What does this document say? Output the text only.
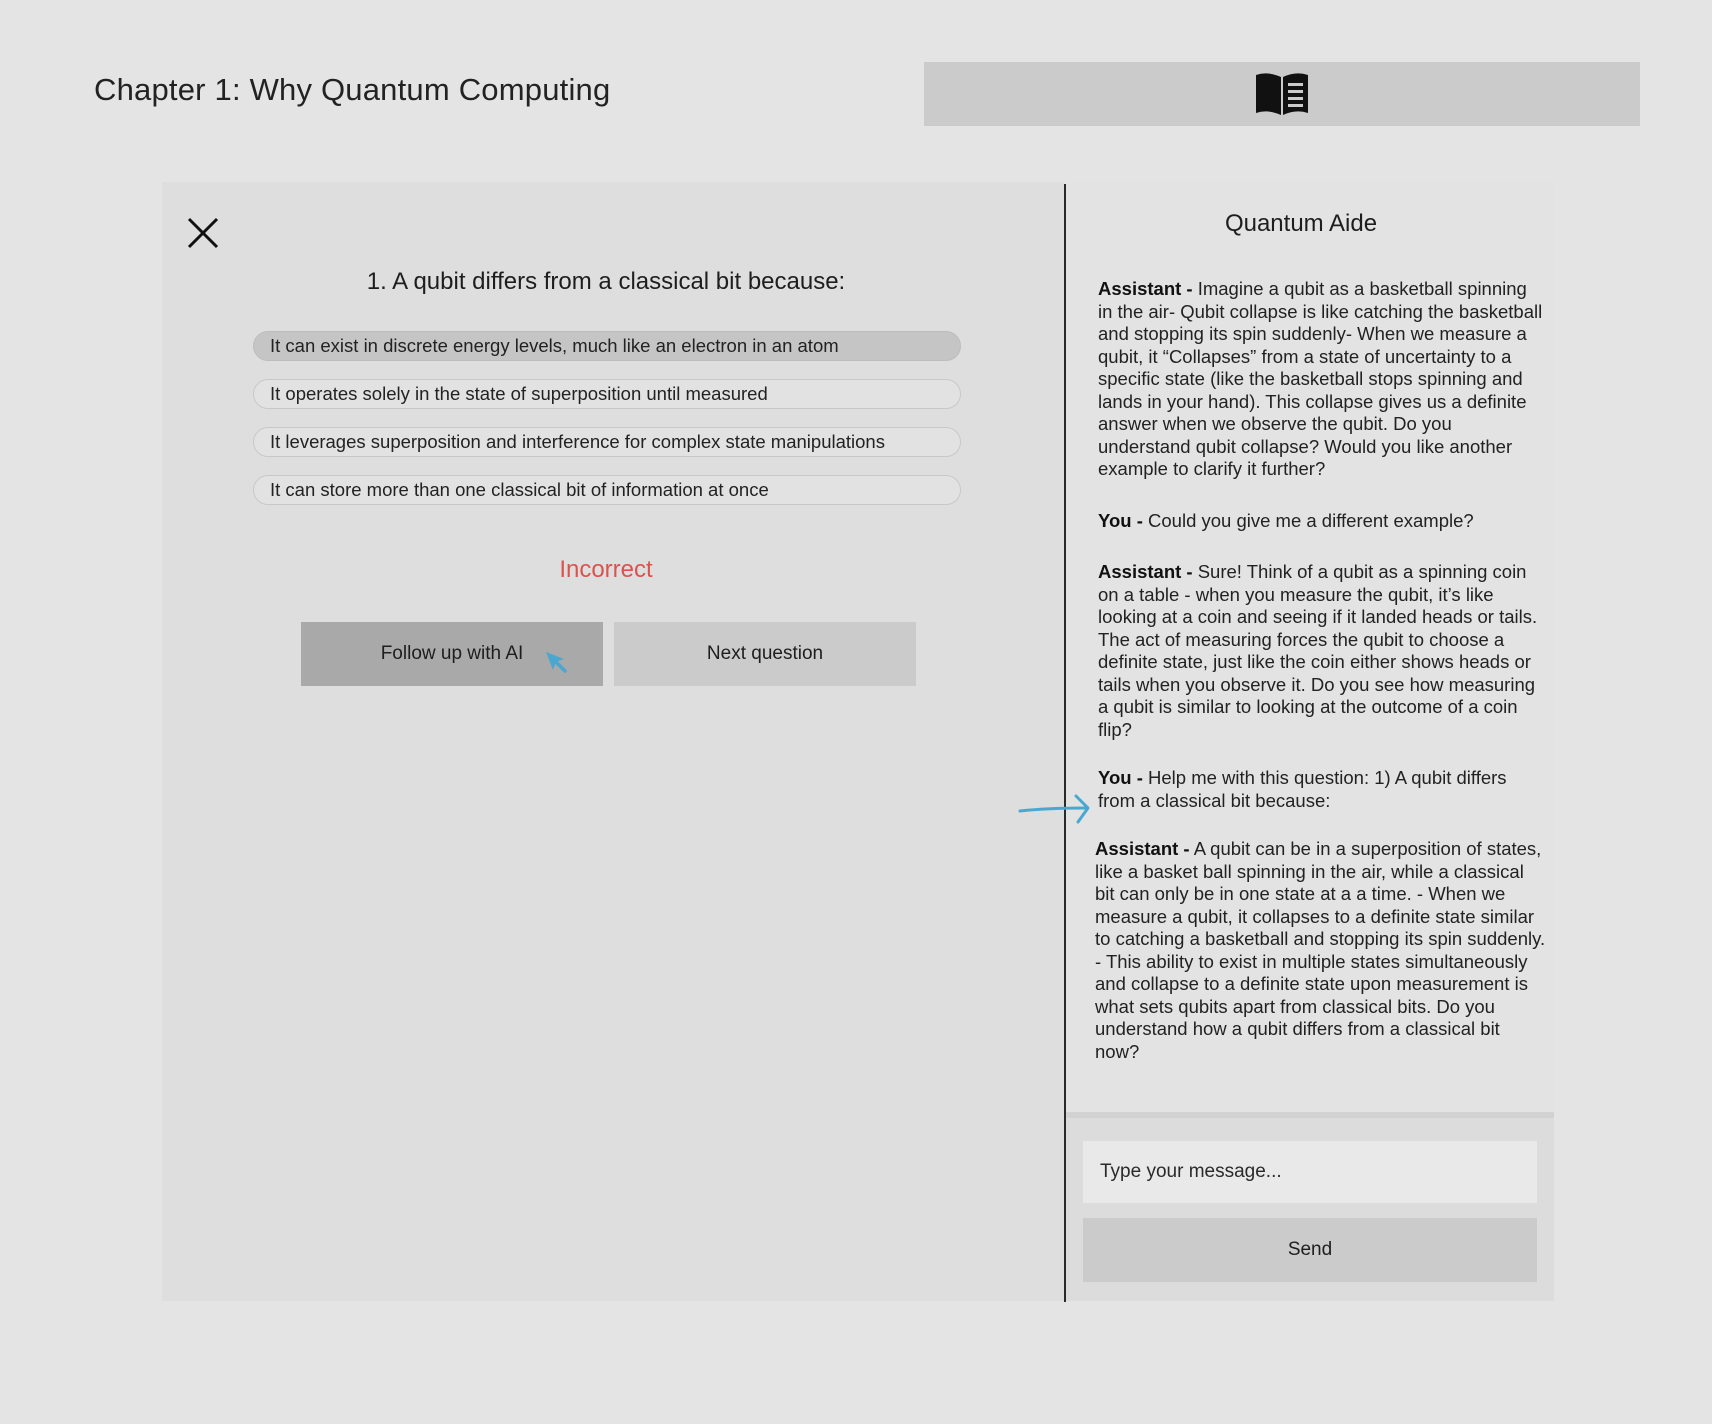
Chapter 1: Why Quantum Computing
1. A qubit differs from a classical bit because:
It can exist in discrete energy levels, much like an electron in an atom
It operates solely in the state of superposition until measured
It leverages superposition and interference for complex state manipulations
It can store more than one classical bit of information at once
Incorrect
Follow up with AI	Next question
Quantum Aide
Assistant - Imagine a qubit as a basketball spinning in the air- Qubit collapse is like catching the basketball and stopping its spin suddenly- When we measure a qubit, it “Collapses” from a state of uncertainty to a specific state (like the basketball stops spinning and lands in your hand). This collapse gives us a definite answer when we observe the qubit. Do you understand qubit collapse? Would you like another example to clarify it further?
You - Could you give me a different example?
Assistant - Sure! Think of a qubit as a spinning coin on a table - when you measure the qubit, it’s like looking at a coin and seeing if it landed heads or tails. The act of measuring forces the qubit to choose a definite state, just like the coin either shows heads or tails when you observe it. Do you see how measuring a qubit is similar to looking at the outcome of a coin flip?
You - Help me with this question: 1) A qubit differs from a classical bit because:
Assistant - A qubit can be in a superposition of states, like a basket ball spinning in the air, while a classical bit can only be in one state at a a time. - When we measure a qubit, it collapses to a definite state similar to catching a basketball and stopping its spin suddenly. - This ability to exist in multiple states simultaneously and collapse to a definite state upon measurement is what sets qubits apart from classical bits. Do you understand how a qubit differs from a classical bit now?
Type your message...
Send
